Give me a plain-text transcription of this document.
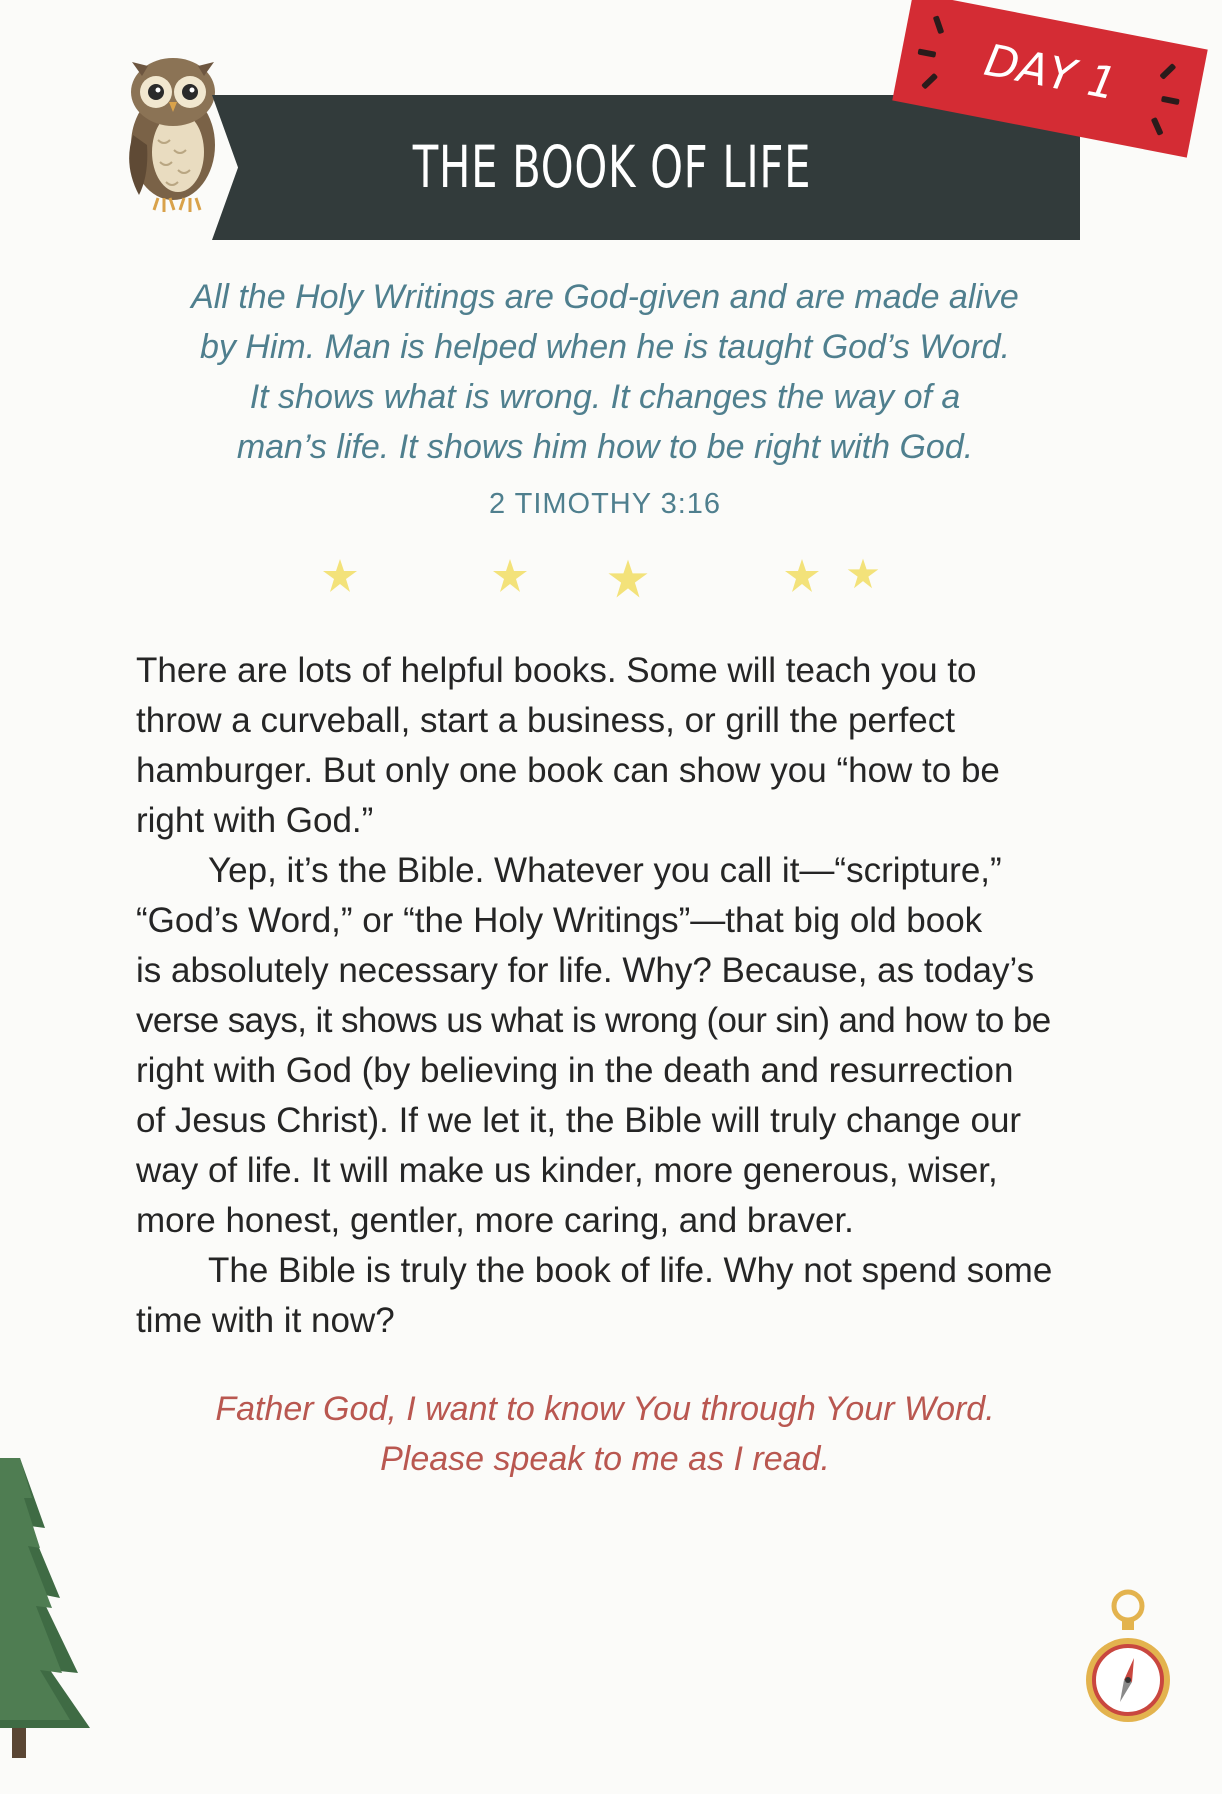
THE BOOK OF LIFE
DAY 1
All the Holy Writings are God-given and are made alive
by Him. Man is helped when he is taught God’s Word.
It shows what is wrong. It changes the way of a
man’s life. It shows him how to be right with God.
2 TIMOTHY 3:16
There are lots of helpful books. Some will teach you to
throw a curveball, start a business, or grill the perfect
hamburger. But only one book can show you “how to be
right with God.”
Yep, it’s the Bible. Whatever you call it—“scripture,”
“God’s Word,” or “the Holy Writings”—that big old book
is absolutely necessary for life. Why? Because, as today’s
verse says, it shows us what is wrong (our sin) and how to be
right with God (by believing in the death and resurrection
of Jesus Christ). If we let it, the Bible will truly change our
way of life. It will make us kinder, more generous, wiser,
more honest, gentler, more caring, and braver.
The Bible is truly the book of life. Why not spend some
time with it now?
Father God, I want to know You through Your Word.
Please speak to me as I read.
